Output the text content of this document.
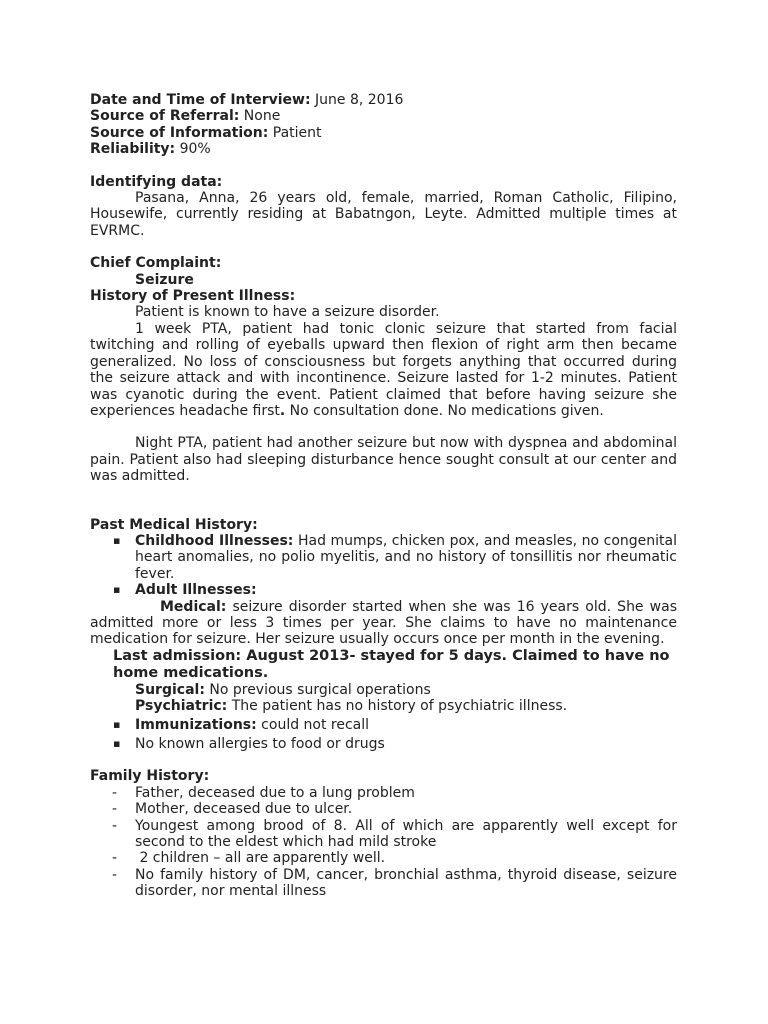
Date and Time of Interview: June 8, 2016
Source of Referral: None
Source of Information: Patient
Reliability: 90%
Identifying data:

Pasana, Anna, 26 years old, female, married, Roman Catholic, Filipino, Housewife, currently residing at Babatngon, Leyte. Admitted multiple times at EVRMC.

Chief Complaint:
Seizure
History of Present Illness:

Patient is known to have a seizure disorder.

1 week PTA, patient had tonic clonic seizure that started from facial twitching and rolling of eyeballs upward then flexion of right arm then became generalized. No loss of consciousness but forgets anything that occurred during the seizure attack and with incontinence. Seizure lasted for 1-2 minutes. Patient was cyanotic during the event. Patient claimed that before having seizure she experiences headache first. No consultation done. No medications given.

Night PTA, patient had another seizure but now with dyspnea and abdominal pain. Patient also had sleeping disturbance hence sought consult at our center and was admitted.

Past Medical History:
▪ Childhood Illnesses: Had mumps, chicken pox, and measles, no congenital heart anomalies, no polio myelitis, and no history of tonsillitis nor rheumatic fever.
▪ Adult Illnesses:

Medical: seizure disorder started when she was 16 years old. She was admitted more or less 3 times per year. She claims to have no maintenance medication for seizure. Her seizure usually occurs once per month in the evening.

Last admission: August 2013- stayed for 5 days. Claimed to have no home medications.

Surgical: No previous surgical operations
Psychiatric: The patient has no history of psychiatric illness.
▪ Immunizations: could not recall
▪ No known allergies to food or drugs
Family History:
- Father, deceased due to a lung problem
- Mother, deceased due to ulcer.
- Youngest among brood of 8. All of which are apparently well except for second to the eldest which had mild stroke
- 2 children – all are apparently well.
- No family history of DM, cancer, bronchial asthma, thyroid disease, seizure disorder, nor mental illness
